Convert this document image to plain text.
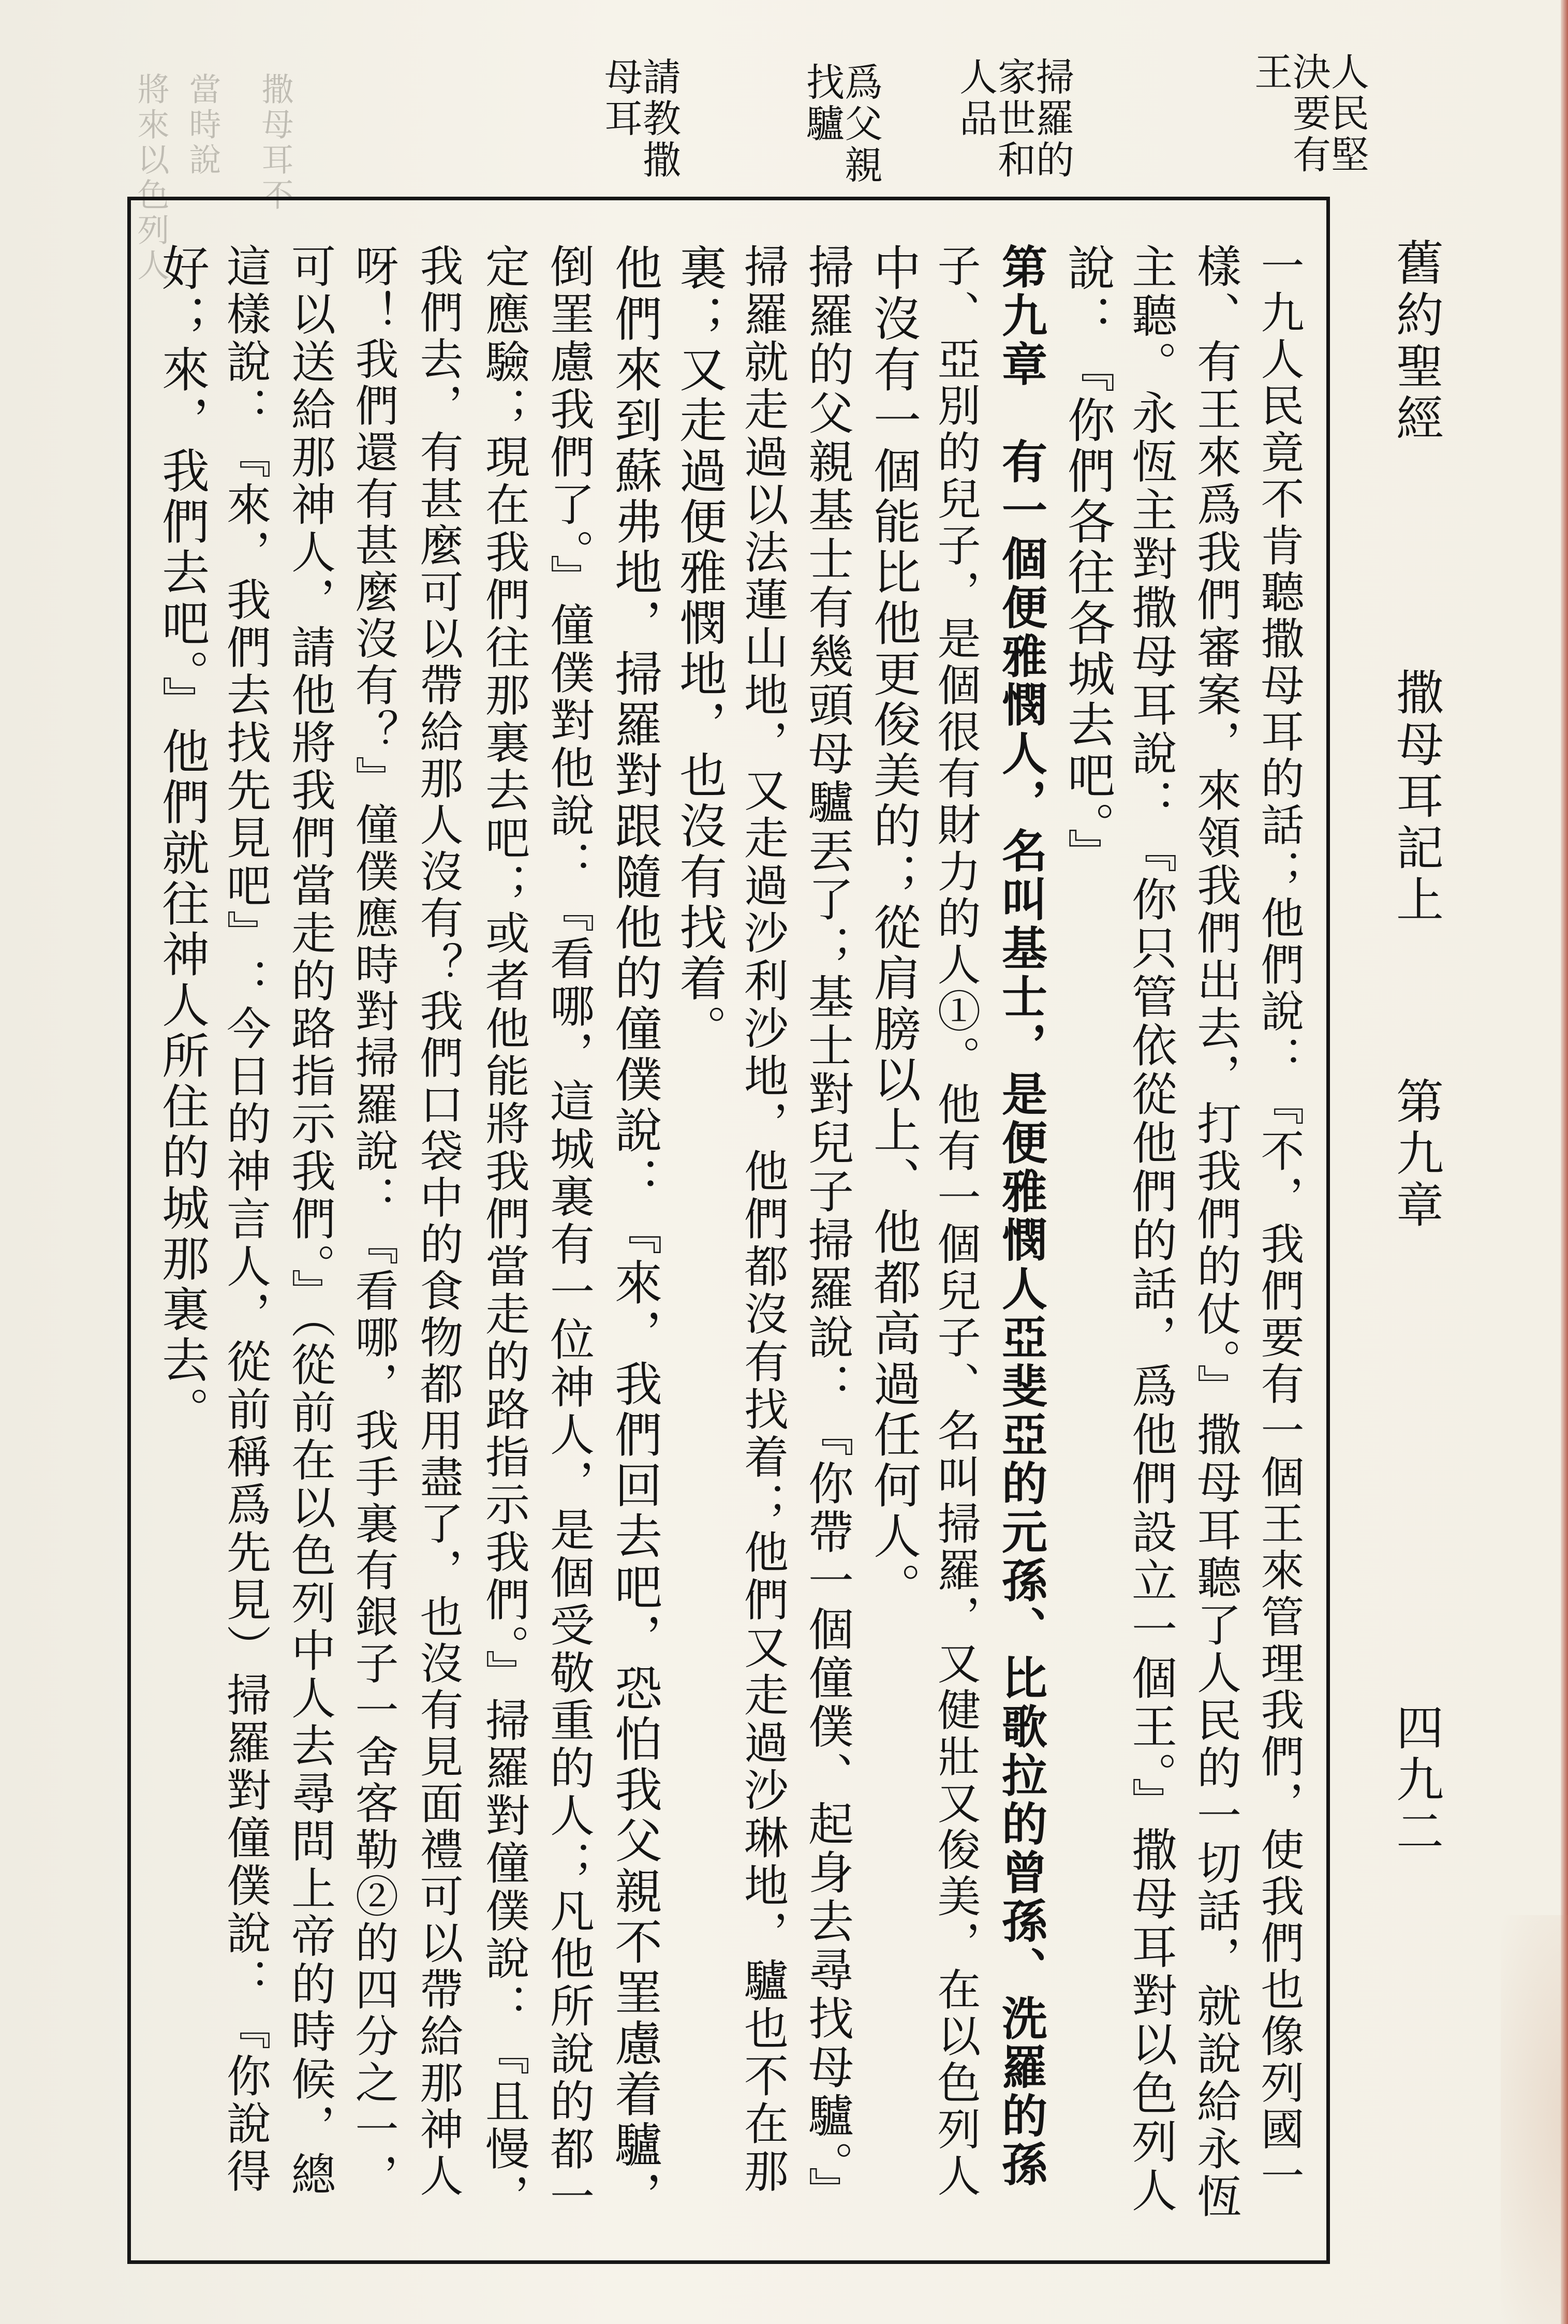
舊約聖經
撒母耳記上
第九章
四九二
將來以色列人 當時說 撒母耳不	人民堅決要有王
掃羅的家世和人品
爲父親找驢
請教撒母耳
一九人民竟不肯聽撒母耳的話；他們說：『不，我們要有一個王來管理我們，使我們也像列國一
樣、有王來爲我們審案，來領我們出去，打我們的仗。』撒母耳聽了人民的一切話，就說給永恆
主聽。永恆主對撒母耳說：『你只管依從他們的話，爲他們設立一個王。』撒母耳對以色列人
說：『你們各往各城去吧。』
第九章　有一個便雅憫人，名叫基士，是便雅憫人亞斐亞的元孫、比歌拉的曾孫、洗羅的孫
子、亞別的兒子，是個很有財力的人①。他有一個兒子、名叫掃羅，又健壯又俊美，在以色列人
中沒有一個能比他更俊美的；從肩膀以上、他都高過任何人。
掃羅的父親基士有幾頭母驢丟了；基士對兒子掃羅說：『你帶一個僮僕、起身去尋找母驢。』
掃羅就走過以法蓮山地，又走過沙利沙地，他們都沒有找着；他們又走過沙琳地，驢也不在那
裏；又走過便雅憫地，也沒有找着。
他們來到蘇弗地，掃羅對跟隨他的僮僕說：『來，我們回去吧，恐怕我父親不罣慮着驢，
倒罣慮我們了。』僮僕對他說：『看哪，這城裏有一位神人，是個受敬重的人；凡他所說的都一
定應驗；現在我們往那裏去吧；或者他能將我們當走的路指示我們。』掃羅對僮僕說：『且慢，
我們去，有甚麼可以帶給那人沒有？我們口袋中的食物都用盡了，也沒有見面禮可以帶給那神人
呀！我們還有甚麼沒有？』僮僕應時對掃羅說：『看哪，我手裏有銀子一舍客勒②的四分之一，
可以送給那神人，請他將我們當走的路指示我們。』（從前在以色列中人去尋問上帝的時候，總
這樣說：『來，我們去找先見吧』：今日的神言人，從前稱爲先見）掃羅對僮僕說：『你說得
好；來，我們去吧。』他們就往神人所住的城那裏去。
